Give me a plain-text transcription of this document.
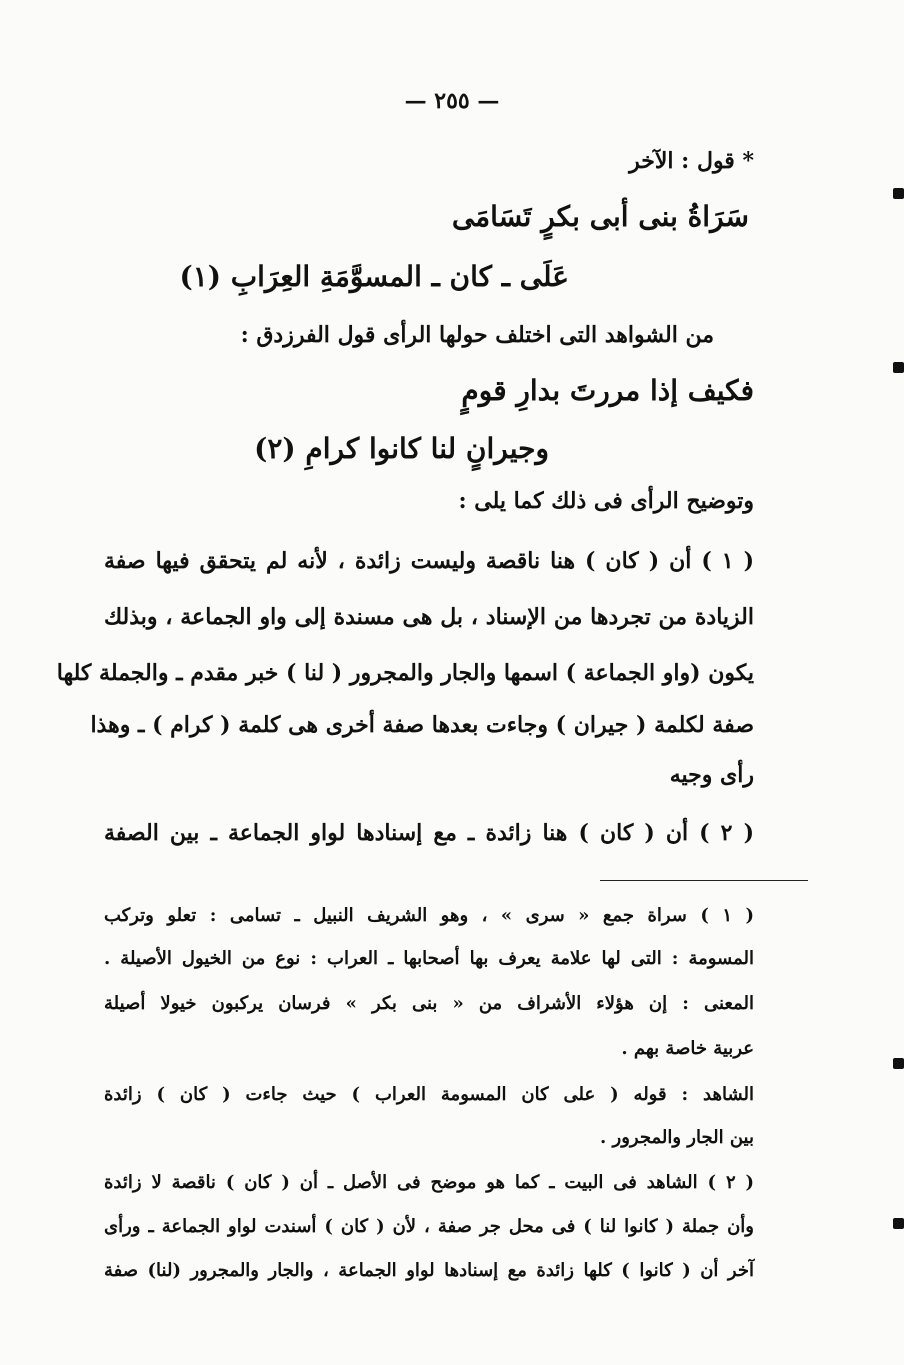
— ٢٥٥ —
* قول : الآخر
سَرَاةُ بنى أبى بكرٍ تَسَامَى
عَلَى ـ كان ـ المسوَّمَةِ العِرَابِ (١)
من الشواهد التى اختلف حولها الرأى قول الفرزدق :
فكيف إذا مررتَ بدارِ قومٍ
وجيرانٍ لنا كانوا كرامِ (٢)
وتوضيح الرأى فى ذلك كما يلى :
( ١ ) أن ( كان ) هنا ناقصة وليست زائدة ، لأنه لم يتحقق فيها صفة
الزيادة من تجردها من الإسناد ، بل هى مسندة إلى واو الجماعة ، وبذلك
يكون (واو الجماعة ) اسمها والجار والمجرور ( لنا ) خبر مقدم ـ والجملة كلها
صفة لكلمة ( جيران ) وجاءت بعدها صفة أخرى هى كلمة ( كرام ) ـ وهذا
رأى وجيه
( ٢ ) أن ( كان ) هنا زائدة ـ مع إسنادها لواو الجماعة ـ بين الصفة
( ١ ) سراة جمع « سرى » ، وهو الشريف النبيل ـ تسامى : تعلو وتركب
المسومة : التى لها علامة يعرف بها أصحابها ـ العراب : نوع من الخيول الأصيلة .
المعنى : إن هؤلاء الأشراف من « بنى بكر » فرسان يركبون خيولا أصيلة
عربية خاصة بهم .
الشاهد : قوله ( على كان المسومة العراب ) حيث جاءت ( كان ) زائدة
بين الجار والمجرور .
( ٢ ) الشاهد فى البيت ـ كما هو موضح فى الأصل ـ أن ( كان ) ناقصة لا زائدة
وأن جملة ( كانوا لنا ) فى محل جر صفة ، لأن ( كان ) أسندت لواو الجماعة ـ ورأى
آخر أن ( كانوا ) كلها زائدة مع إسنادها لواو الجماعة ، والجار والمجرور (لنا) صفة
